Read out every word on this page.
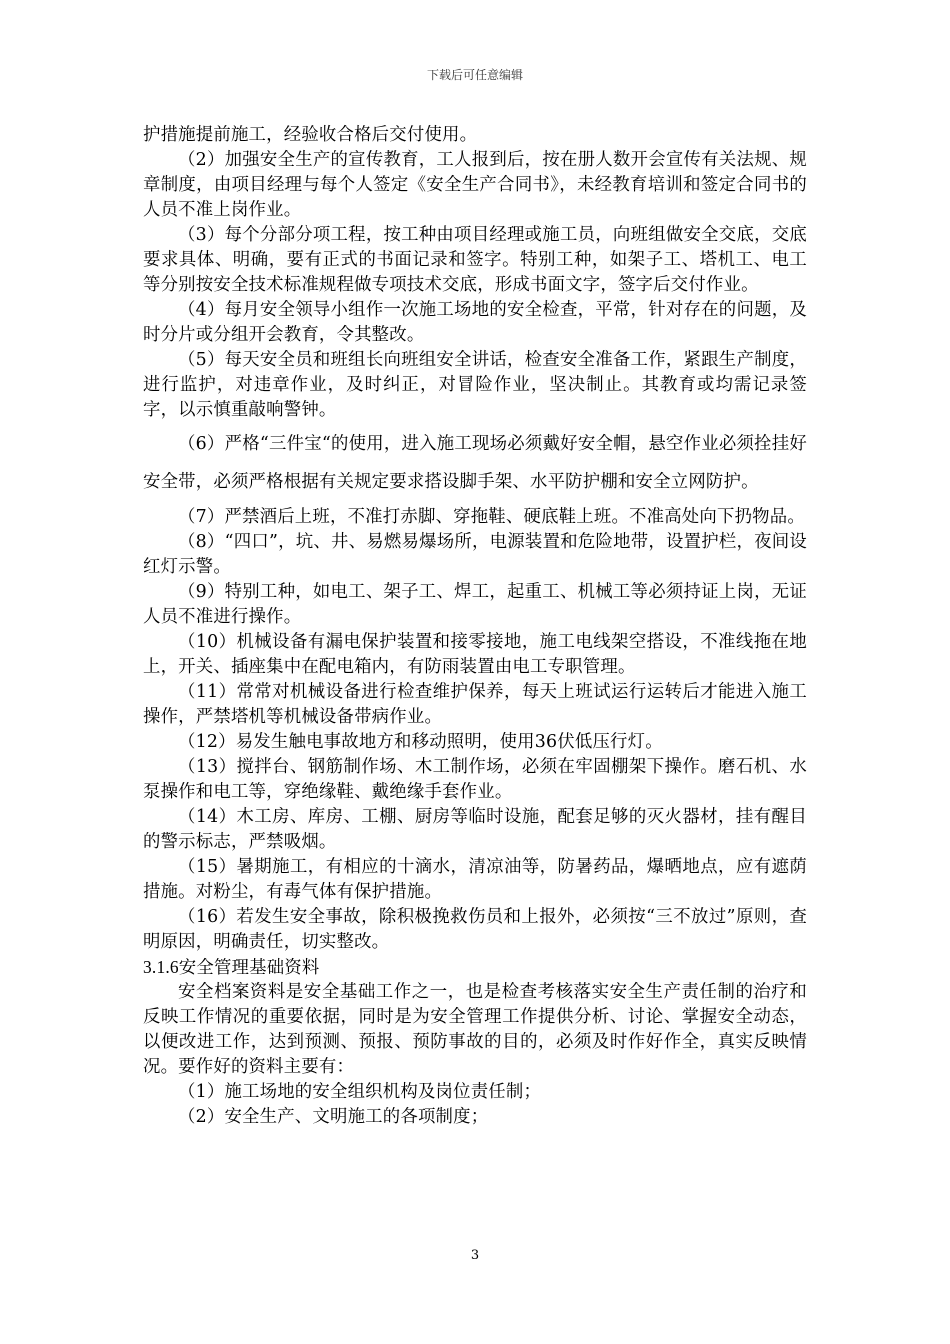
下载后可任意编辑

护措施提前施工，经验收合格后交付使用。

（2）加强安全生产的宣传教育，工人报到后，按在册人数开会宣传有关法规、规章制度，由项目经理与每个人签定《安全生产合同书》，未经教育培训和签定合同书的人员不准上岗作业。

（3）每个分部分项工程，按工种由项目经理或施工员，向班组做安全交底，交底要求具体、明确，要有正式的书面记录和签字。特别工种，如架子工、塔机工、电工等分别按安全技术标准规程做专项技术交底，形成书面文字，签字后交付作业。

（4）每月安全领导小组作一次施工场地的安全检查，平常，针对存在的问题，及时分片或分组开会教育，令其整改。

（5）每天安全员和班组长向班组安全讲话，检查安全准备工作，紧跟生产制度，进行监护，对违章作业，及时纠正，对冒险作业，坚决制止。其教育或均需记录签字，以示慎重敲响警钟。

（6）严格“三件宝“的使用，进入施工现场必须戴好安全帽，悬空作业必须拴挂好安全带，必须严格根据有关规定要求搭设脚手架、水平防护棚和安全立网防护。

（7）严禁酒后上班，不准打赤脚、穿拖鞋、硬底鞋上班。不准高处向下扔物品。

（8）“四口”，坑、井、易燃易爆场所，电源装置和危险地带，设置护栏，夜间设红灯示警。

（9）特别工种，如电工、架子工、焊工，起重工、机械工等必须持证上岗，无证人员不准进行操作。

（10）机械设备有漏电保护装置和接零接地，施工电线架空搭设，不准线拖在地上，开关、插座集中在配电箱内，有防雨装置由电工专职管理。

（11）常常对机械设备进行检查维护保养，每天上班试运行运转后才能进入施工操作，严禁塔机等机械设备带病作业。

（12）易发生触电事故地方和移动照明，使用36伏低压行灯。

（13）搅拌台、钢筋制作场、木工制作场，必须在牢固棚架下操作。磨石机、水泵操作和电工等，穿绝缘鞋、戴绝缘手套作业。

（14）木工房、库房、工棚、厨房等临时设施，配套足够的灭火器材，挂有醒目的警示标志，严禁吸烟。

（15）暑期施工，有相应的十滴水，清凉油等，防暑药品，爆晒地点，应有遮荫措施。对粉尘，有毒气体有保护措施。

（16）若发生安全事故，除积极挽救伤员和上报外，必须按“三不放过”原则，查明原因，明确责任，切实整改。

3.1.6安全管理基础资料

安全档案资料是安全基础工作之一，也是检查考核落实安全生产责任制的治疗和反映工作情况的重要依据，同时是为安全管理工作提供分析、讨论、掌握安全动态，以便改进工作，达到预测、预报、预防事故的目的，必须及时作好作全，真实反映情况。要作好的资料主要有：

（1）施工场地的安全组织机构及岗位责任制；

（2）安全生产、文明施工的各项制度；

3
